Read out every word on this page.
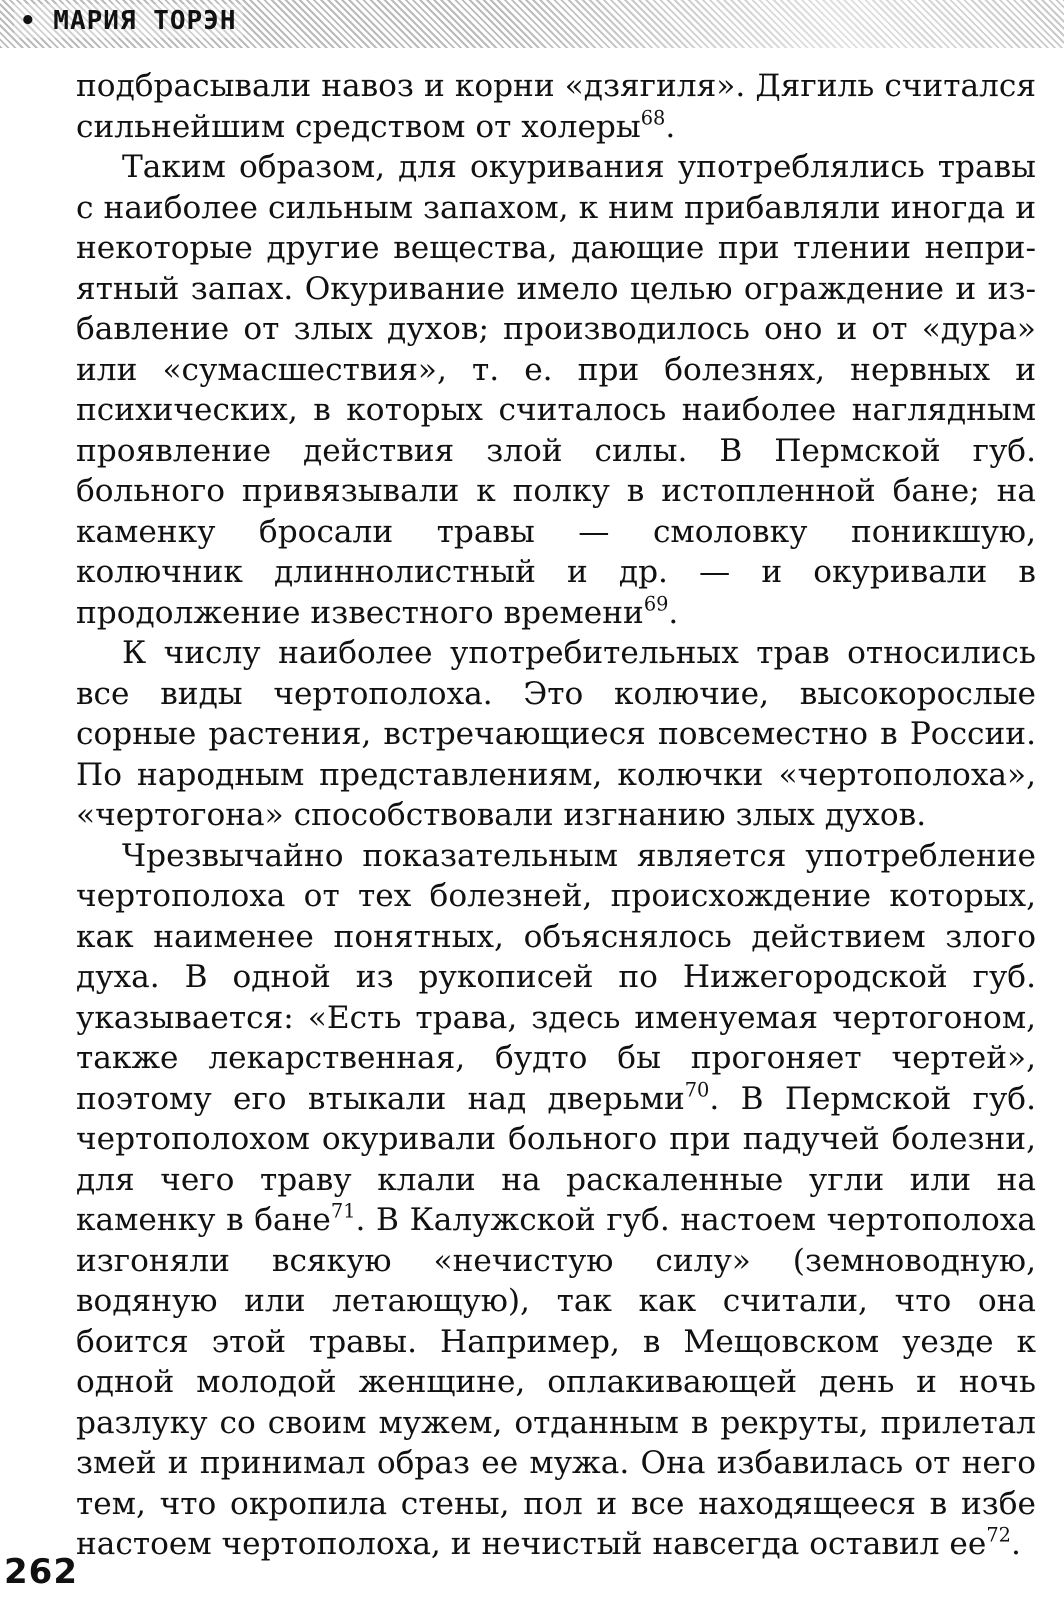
• МАРИЯ ТОРЭН

подбрасывали навоз и корни «дзягиля». Дягиль считался сильнейшим средством от холеры$^{68}$.

Таким образом, для окуривания употреблялись травы с наиболее сильным запахом, к ним прибавляли иногда и некоторые другие вещества, дающие при тлении неприятный запах. Окуривание имело целью ограждение и избавление от злых духов; производилось оно и от «дура» или «сумасшествия», т. е. при болезнях, нервных и психических, в которых считалось наиболее наглядным проявление действия злой силы. В Пермской губ. больного привязывали к полку в истопленной бане; на каменку бросали травы — смоловку поникшую, колючник длиннолистный и др. — и окуривали в продолжение известного времени$^{69}$.

К числу наиболее употребительных трав относились все виды чертополоха. Это колючие, высокорослые сорные растения, встречающиеся повсеместно в России. По народным представлениям, колючки «чертополоха», «чертогона» способствовали изгнанию злых духов.

Чрезвычайно показательным является употребление чертополоха от тех болезней, происхождение которых, как наименее понятных, объяснялось действием злого духа. В одной из рукописей по Нижегородской губ. указывается: «Есть трава, здесь именуемая чертогоном, также лекарственная, будто бы прогоняет чертей», поэтому его втыкали над дверьми$^{70}$. В Пермской губ. чертополохом окуривали больного при падучей болезни, для чего траву клали на раскаленные угли или на каменку в бане$^{71}$. В Калужской губ. настоем чертополоха изгоняли всякую «нечистую силу» (земноводную, водяную или летающую), так как считали, что она боится этой травы. Например, в Мещовском уезде к одной молодой женщине, оплакивающей день и ночь разлуку со своим мужем, отданным в рекруты, прилетал змей и принимал образ ее мужа. Она избавилась от него тем, что окропила стены, пол и все находящееся в избе настоем чертополоха, и нечистый навсегда оставил $ее^{72}$.

262
